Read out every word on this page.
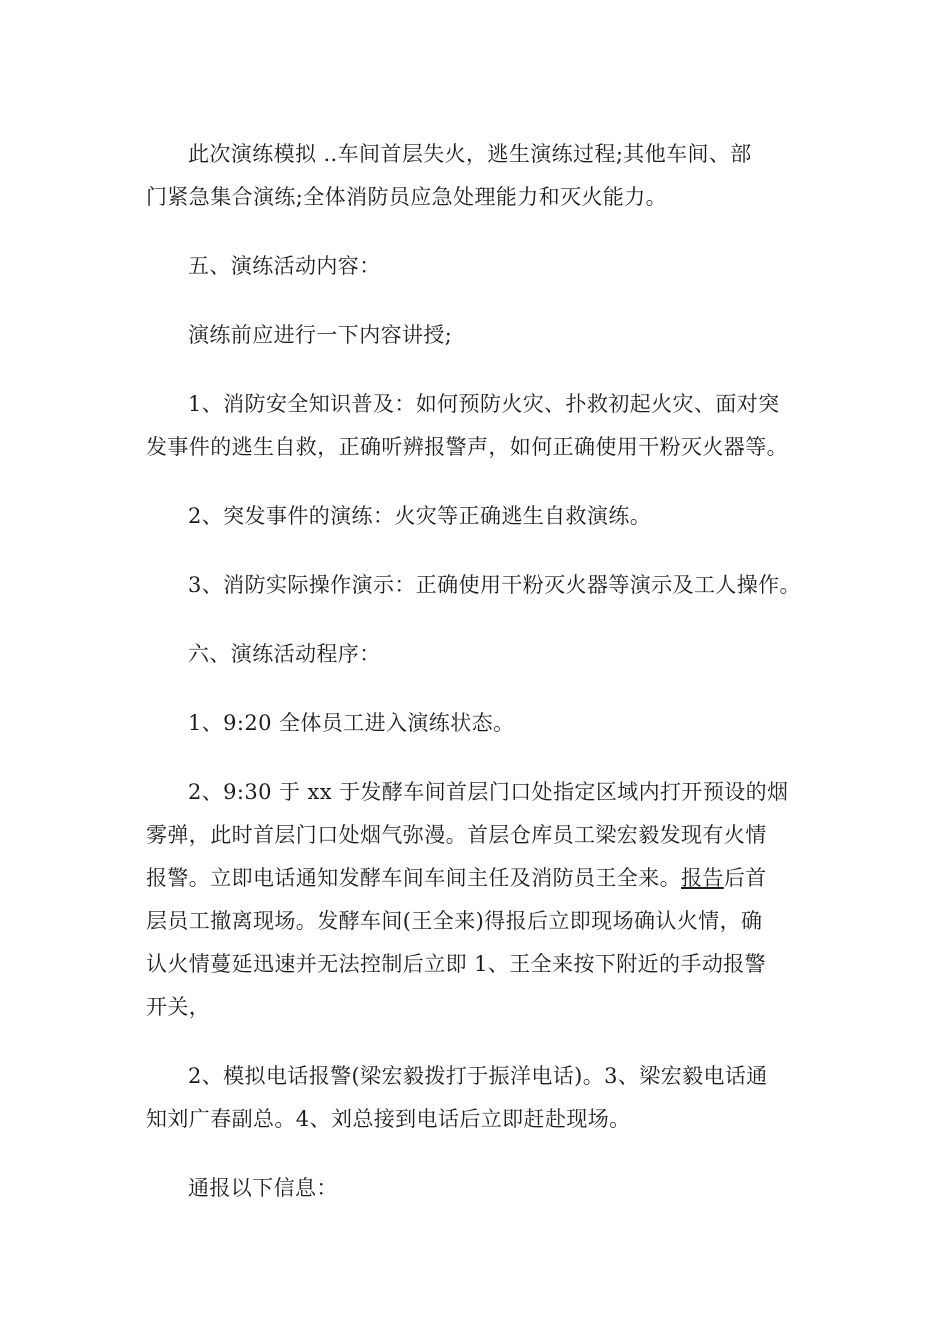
此次演练模拟 ..车间首层失火，逃生演练过程;其他车间、部
门紧急集合演练;全体消防员应急处理能力和灭火能力。

五、演练活动内容：

演练前应进行一下内容讲授;

1、消防安全知识普及：如何预防火灾、扑救初起火灾、面对突
发事件的逃生自救，正确听辨报警声，如何正确使用干粉灭火器等。

2、突发事件的演练：火灾等正确逃生自救演练。

3、消防实际操作演示：正确使用干粉灭火器等演示及工人操作。

六、演练活动程序：

1、9:20 全体员工进入演练状态。

2、9:30 于 xx 于发酵车间首层门口处指定区域内打开预设的烟
雾弹，此时首层门口处烟气弥漫。首层仓库员工梁宏毅发现有火情
报警。立即电话通知发酵车间车间主任及消防员王全来。报告后首
层员工撤离现场。发酵车间(王全来)得报后立即现场确认火情，确
认火情蔓延迅速并无法控制后立即 1、王全来按下附近的手动报警
开关，

2、模拟电话报警(梁宏毅拨打于振洋电话)。3、梁宏毅电话通
知刘广春副总。4、刘总接到电话后立即赶赴现场。

通报以下信息：
